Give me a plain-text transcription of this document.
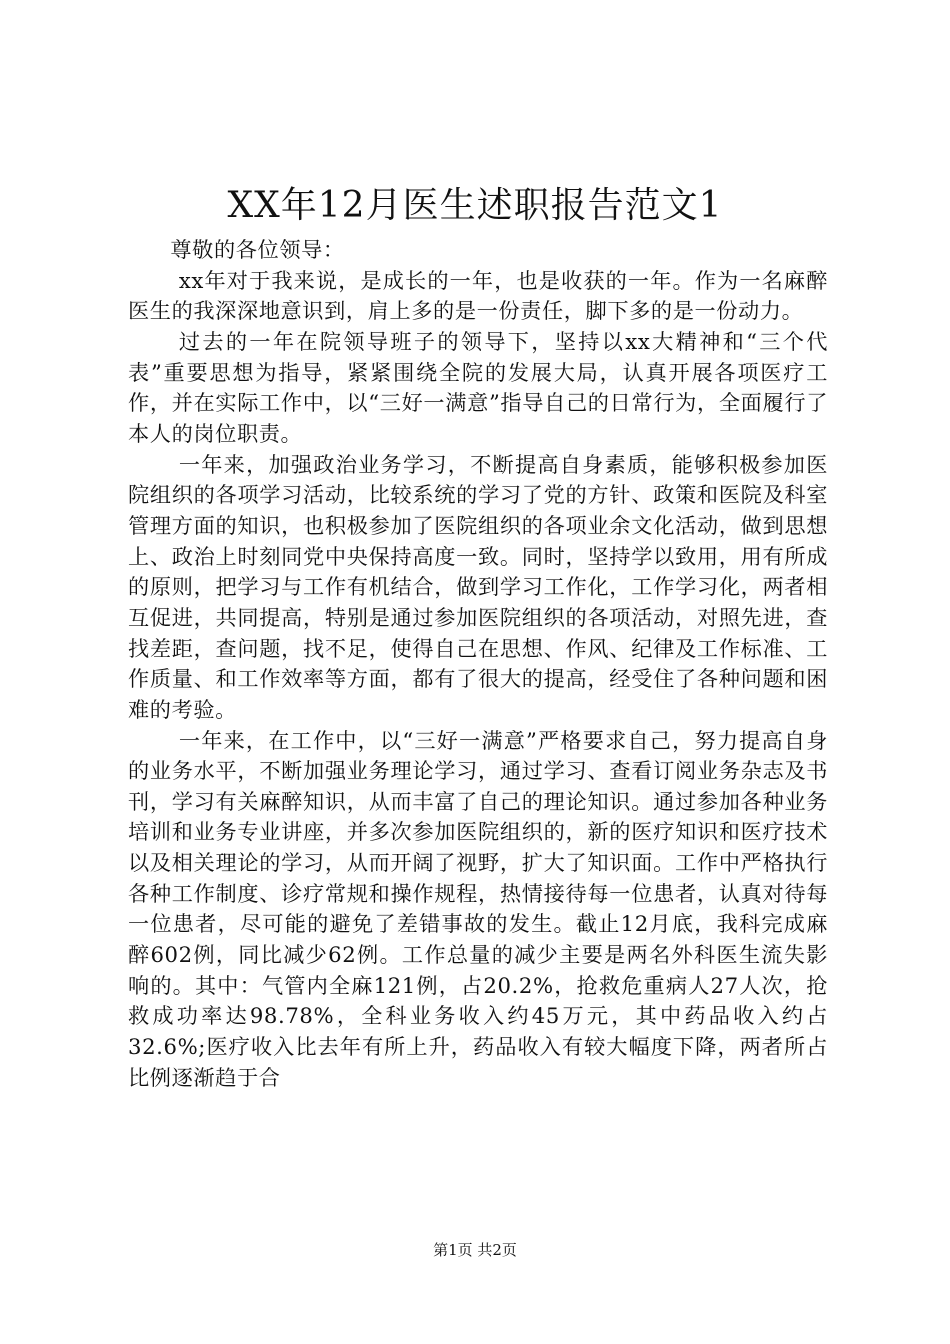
XX年12月医生述职报告范文1

尊敬的各位领导：

xx年对于我来说，是成长的一年，也是收获的一年。作为一名麻醉医生的我深深地意识到，肩上多的是一份责任，脚下多的是一份动力。

过去的一年在院领导班子的领导下，坚持以xx大精神和“三个代表”重要思想为指导，紧紧围绕全院的发展大局，认真开展各项医疗工作，并在实际工作中，以“三好一满意”指导自己的日常行为，全面履行了本人的岗位职责。

一年来，加强政治业务学习，不断提高自身素质，能够积极参加医院组织的各项学习活动，比较系统的学习了党的方针、政策和医院及科室管理方面的知识，也积极参加了医院组织的各项业余文化活动，做到思想上、政治上时刻同党中央保持高度一致。同时，坚持学以致用，用有所成的原则，把学习与工作有机结合，做到学习工作化，工作学习化，两者相互促进，共同提高，特别是通过参加医院组织的各项活动，对照先进，查找差距，查问题，找不足，使得自己在思想、作风、纪律及工作标准、工作质量、和工作效率等方面，都有了很大的提高，经受住了各种问题和困难的考验。

一年来，在工作中，以“三好一满意”严格要求自己，努力提高自身的业务水平，不断加强业务理论学习，通过学习、查看订阅业务杂志及书刊，学习有关麻醉知识，从而丰富了自己的理论知识。通过参加各种业务培训和业务专业讲座，并多次参加医院组织的，新的医疗知识和医疗技术以及相关理论的学习，从而开阔了视野，扩大了知识面。工作中严格执行各种工作制度、诊疗常规和操作规程，热情接待每一位患者，认真对待每一位患者，尽可能的避免了差错事故的发生。截止12月底，我科完成麻醉602例，同比减少62例。工作总量的减少主要是两名外科医生流失影响的。其中：气管内全麻121例，占20.2%，抢救危重病人27人次，抢救成功率达98.78%，全科业务收入约45万元，其中药品收入约占32.6%;医疗收入比去年有所上升，药品收入有较大幅度下降，两者所占比例逐渐趋于合

第1页 共2页
